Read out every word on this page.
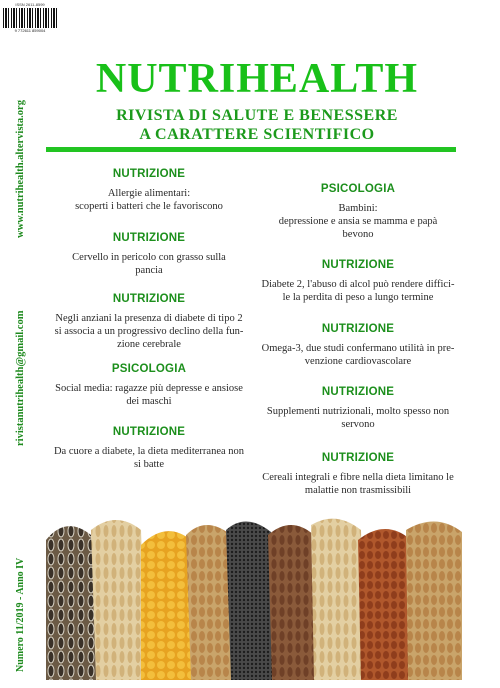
ISSN 2611-8599
9 772611 859004
www.nutrihealth.altervista.org
rivistanutrihealth@gmail.com
Numero 11/2019 - Anno IV
NUTRIHEALTH
RIVISTA DI SALUTE E BENESSERE
A CARATTERE SCIENTIFICO
NUTRIZIONE
Allergie alimentari:
scoperti i batteri che le favoriscono
NUTRIZIONE
Cervello in pericolo con grasso sulla
pancia
NUTRIZIONE
Negli anziani la presenza di diabete di tipo 2
si associa a un progressivo declino della fun-
zione cerebrale
PSICOLOGIA
Social media: ragazze più depresse e ansiose
dei maschi
NUTRIZIONE
Da cuore a diabete, la dieta mediterranea non
si batte
PSICOLOGIA
Bambini:
depressione e ansia se mamma e papà
bevono
NUTRIZIONE
Diabete 2, l'abuso di alcol può rendere diffici-
le la perdita di peso a lungo termine
NUTRIZIONE
Omega-3, due studi confermano utilità in pre-
venzione cardiovascolare
NUTRIZIONE
Supplementi nutrizionali, molto spesso non
servono
NUTRIZIONE
Cereali integrali e fibre nella dieta limitano le
malattie non trasmissibili
